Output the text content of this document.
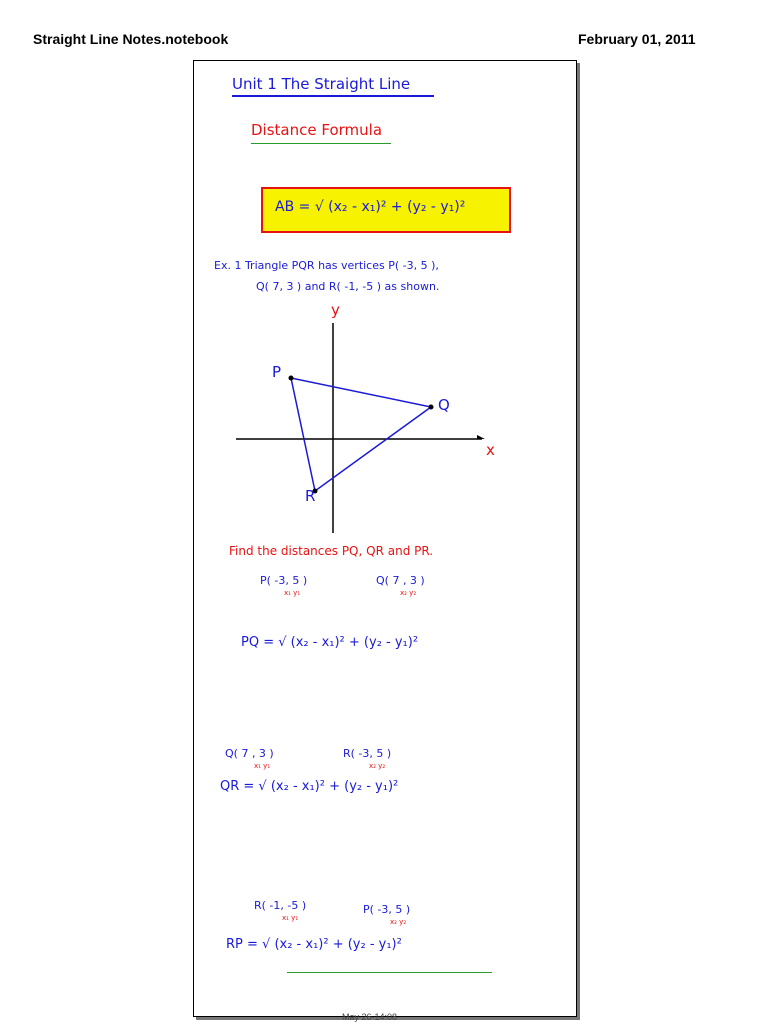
Straight Line Notes.notebook	February 01, 2011
Unit 1 The Straight Line
Distance Formula
AB = √ (x₂ - x₁)² + (y₂ - y₁)²
Ex. 1 Triangle PQR has vertices P( -3, 5 ),
Q( 7, 3 ) and R( -1, -5 ) as shown.
y
x
P
Q
R
Find the distances PQ, QR and PR.
P( -3, 5 )
x₁ y₁
Q( 7 , 3 )
x₂ y₂
PQ = √ (x₂ - x₁)² + (y₂ - y₁)²
Q( 7 , 3 )
x₁ y₁
R( -3, 5 )
x₂ y₂
QR = √ (x₂ - x₁)² + (y₂ - y₁)²
R( -1, -5 )
x₁ y₁
P( -3, 5 )
x₂ y₂
RP = √ (x₂ - x₁)² + (y₂ - y₁)²
May 26-14:08
